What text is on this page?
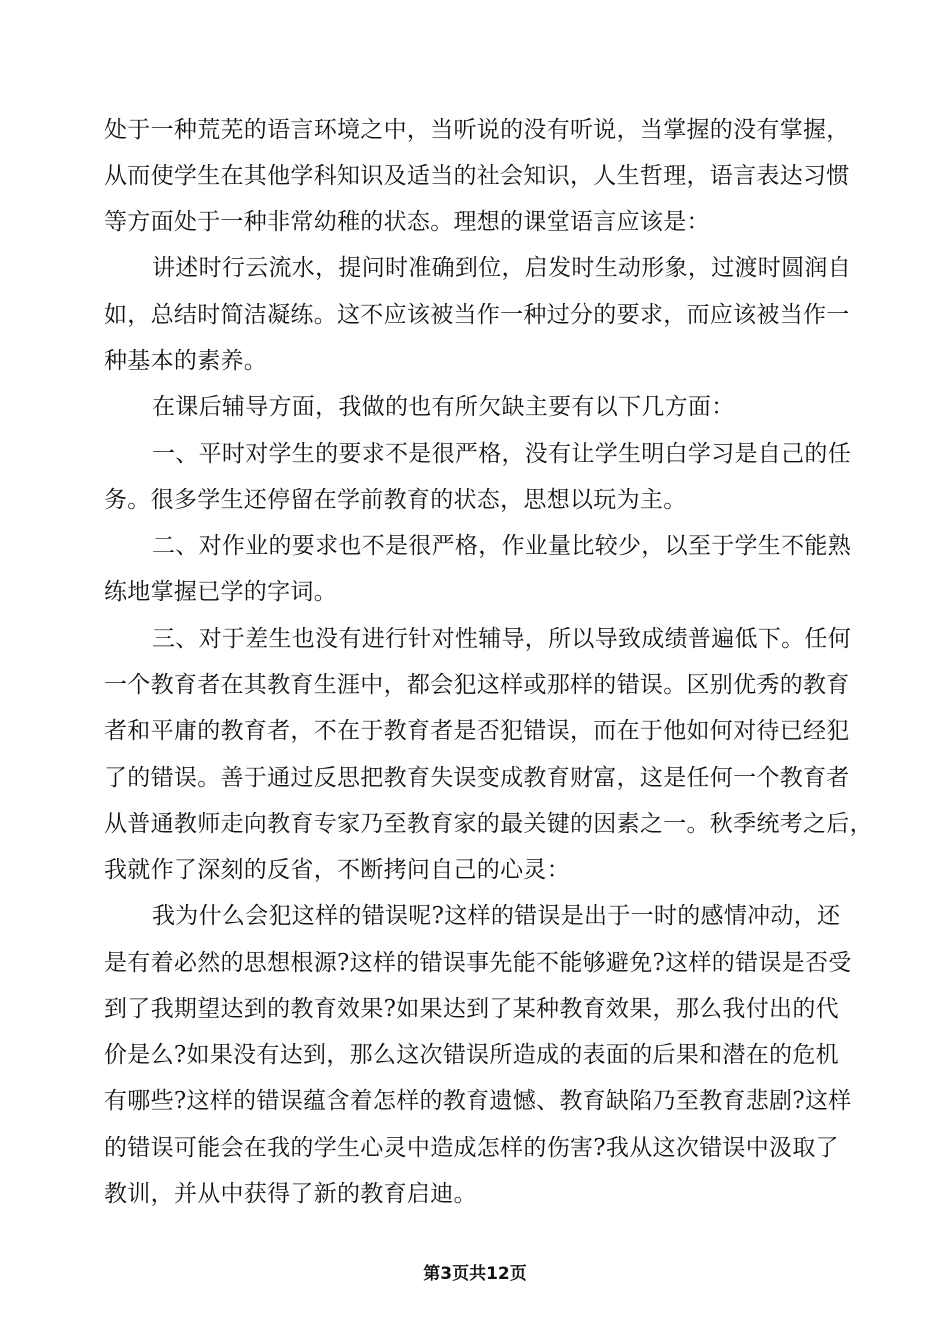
处于一种荒芜的语言环境之中，当听说的没有听说，当掌握的没有掌握，
从而使学生在其他学科知识及适当的社会知识，人生哲理，语言表达习惯
等方面处于一种非常幼稚的状态。理想的课堂语言应该是：
讲述时行云流水，提问时准确到位，启发时生动形象，过渡时圆润自
如，总结时简洁凝练。这不应该被当作一种过分的要求，而应该被当作一
种基本的素养。
在课后辅导方面，我做的也有所欠缺主要有以下几方面：
一、平时对学生的要求不是很严格，没有让学生明白学习是自己的任
务。很多学生还停留在学前教育的状态，思想以玩为主。
二、对作业的要求也不是很严格，作业量比较少，以至于学生不能熟
练地掌握已学的字词。
三、对于差生也没有进行针对性辅导，所以导致成绩普遍低下。任何
一个教育者在其教育生涯中，都会犯这样或那样的错误。区别优秀的教育
者和平庸的教育者，不在于教育者是否犯错误，而在于他如何对待已经犯
了的错误。善于通过反思把教育失误变成教育财富，这是任何一个教育者
从普通教师走向教育专家乃至教育家的最关键的因素之一。秋季统考之后，
我就作了深刻的反省，不断拷问自己的心灵：
我为什么会犯这样的错误呢?这样的错误是出于一时的感情冲动，还
是有着必然的思想根源?这样的错误事先能不能够避免?这样的错误是否受
到了我期望达到的教育效果?如果达到了某种教育效果，那么我付出的代
价是么?如果没有达到，那么这次错误所造成的表面的后果和潜在的危机
有哪些?这样的错误蕴含着怎样的教育遗憾、教育缺陷乃至教育悲剧?这样
的错误可能会在我的学生心灵中造成怎样的伤害?我从这次错误中汲取了
教训，并从中获得了新的教育启迪。
第3页共12页
